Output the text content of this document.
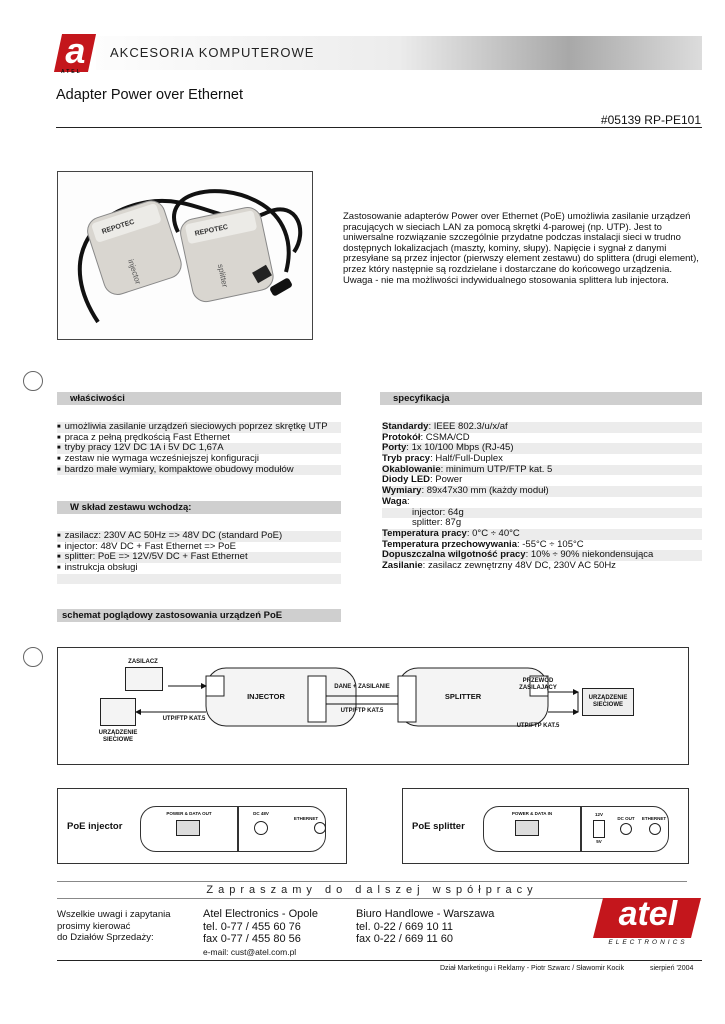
a
ATEL
AKCESORIA KOMPUTEROWE
Adapter Power over Ethernet
#05139 RP-PE101
REPOTEC
injector
REPOTEC
splitter
Zastosowanie adapterów Power over Ethernet (PoE) umożliwia zasilanie urządzeń pracujących w sieciach LAN za pomocą skrętki 4-parowej (np. UTP). Jest to uniwersalne rozwiązanie szczególnie przydatne podczas instalacji sieci w trudno dostępnych lokalizacjach (maszty, kominy, słupy). Napięcie i sygnał z danymi przesyłane są przez injector (pierwszy element zestawu) do splittera (drugi element), przez który następnie są rozdzielane i dostarczane do końcowego urządzenia. Uwaga - nie ma możliwości indywidualnego stosowania splittera lub injectora.
właściwości
■ umożliwia zasilanie urządzeń sieciowych poprzez skrętkę UTP
■ praca z pełną prędkością Fast Ethernet
■ tryby pracy 12V DC 1A i 5V DC 1,67A
■ zestaw nie wymaga wcześniejszej konfiguracji
■ bardzo małe wymiary, kompaktowe obudowy modułów
W skład zestawu wchodzą:
■ zasilacz: 230V AC 50Hz => 48V DC (standard PoE)
■ injector: 48V DC + Fast Ethernet => PoE
■ splitter: PoE => 12V/5V DC + Fast Ethernet
■ instrukcja obsługi
specyfikacja
Standardy: IEEE 802.3/u/x/af
Protokół: CSMA/CD
Porty: 1x 10/100 Mbps (RJ-45)
Tryb pracy: Half/Full-Duplex
Okablowanie: minimum UTP/FTP kat. 5
Diody LED: Power
Wymiary: 89x47x30 mm (każdy moduł)
Waga:
injector: 64g
splitter: 87g
Temperatura pracy: 0°C ÷ 40°C
Temperatura przechowywania: -55°C ÷ 105°C
Dopuszczalna wilgotność pracy: 10% ÷ 90% niekondensująca
Zasilanie: zasilacz zewnętrzny 48V DC, 230V AC 50Hz
schemat poglądowy zastosowania urządzeń PoE
ZASILACZ
URZĄDZENIE SIECIOWE
INJECTOR	SPLITTER
DANE + ZASILANIE
UTP/FTP KAT.5
UTP/FTP KAT.5
UTP/FTP KAT.5
PRZEWÓD ZASILAJĄCY
URZĄDZENIE SIECIOWE
PoE injector
POWER & DATA OUT	DC 48V
ETHERNET
PoE splitter
POWER & DATA IN	12V
5V
DC OUT	ETHERNET
Zapraszamy do dalszej współpracy
Wszelkie uwagi i zapytania
prosimy kierować
do Działów Sprzedaży:
Atel Electronics - Opole
tel. 0-77 / 455 60 76
fax 0-77 / 455 80 56
e-mail: cust@atel.com.pl
Biuro Handlowe - Warszawa
tel. 0-22 / 669 10 11
fax 0-22 / 669 11 60
atel
ELECTRONICS
Dział Marketingu i Reklamy - Piotr Szwarc / Sławomir Kocik	sierpień '2004
